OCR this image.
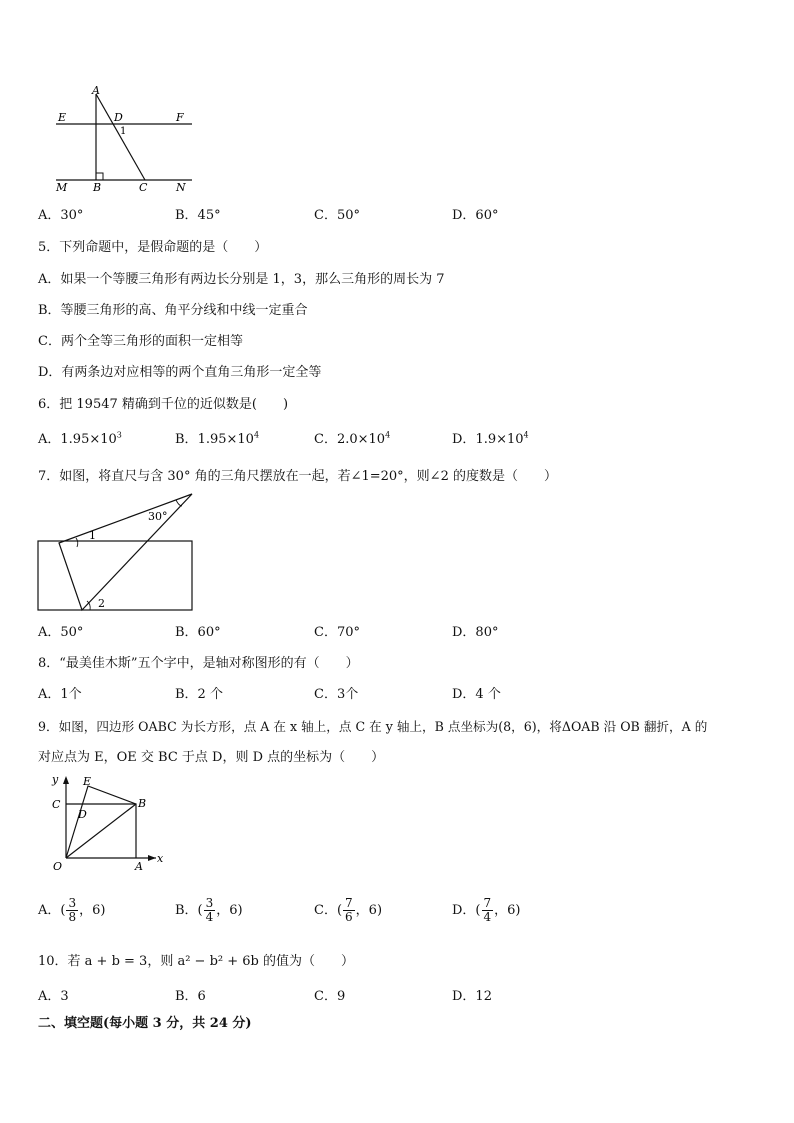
A
D
E	F
1
M B	C	N
A．30°	B．45°	C．50°	D．60°
5．下列命题中，是假命题的是（　　）
A．如果一个等腰三角形有两边长分别是 1，3，那么三角形的周长为 7
B．等腰三角形的高、角平分线和中线一定重合
C．两个全等三角形的面积一定相等
D．有两条边对应相等的两个直角三角形一定全等
6．把 19547 精确到千位的近似数是(　　)
A．$1.95\times 10^3$	B．$1.95\times 10^4$	C．$2.0\times 10^4$	D．$1.9\times 10^4$
7．如图，将直尺与含 30° 角的三角尺摆放在一起，若∠1=20°，则∠2 的度数是（　　）
30°
1
2
A．50°	B．60°	C．70°	D．80°
8．“最美佳木斯”五个字中，是轴对称图形的有（　　）
A．1个	B．2 个	C．3个	D．4 个
9．如图，四边形 OABC 为长方形，点 A 在 x 轴上，点 C 在 y 轴上，B 点坐标为(8，6)，将ΔOAB 沿 OB 翻折，A 的
对应点为 E，OE 交 BC 于点 D，则 D 点的坐标为（　　）
y
x
E
C
D
B
O	A
A．( $\frac{3}{8}$ ，6)	B．( $\frac{3}{4}$ ，6)	C．( $\frac{7}{6}$ ，6)	D．( $\frac{7}{4}$ ，6)
10．若 a + b = 3，则 a² − b² + 6b 的值为（　　）
A．3	B．6	C．9	D．12
二、填空题(每小题 3 分，共 24 分)
